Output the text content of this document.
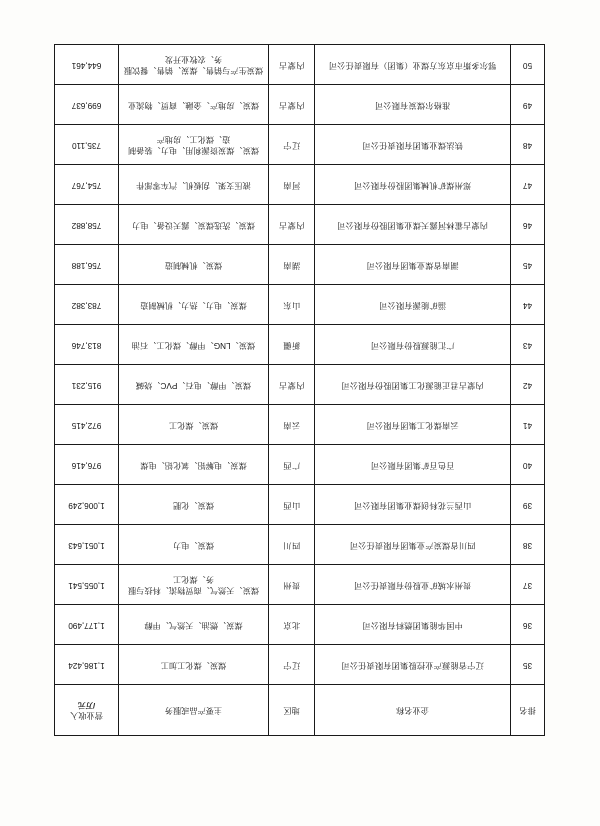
排名	企业名称	地区	主要产品或服务	营业收入
/万元

35	辽宁省能源产业控股集团有限责任公司	辽宁	煤炭、煤化工加工	1,186,424
36	中国华能集团燃料有限公司	北京	煤炭、燃油、天然气、甲醇	1,177,490
37	贵州水城矿业股份有限责任公司	贵州	煤炭、天然气、商贸物流、科技与服务、煤化工	1,055,541
38	四川省煤炭产业集团有限责任公司	四川	煤炭、电力	1,051,643
39	山西兰花科创煤业集团有限公司	山西	煤炭、化肥	1,006,249
40	百色百矿集团有限公司	广西	煤炭、电解铝、氧化铝、电煤	976,416
41	云南煤化工集团有限公司	云南	煤炭、煤化工	972,415
42	内蒙古君正能源化工集团股份有限公司	内蒙古	煤炭、甲醇、电石、PVC、烧碱	915,231
43	广汇能源股份有限公司	新疆	煤炭、LNG、甲醇、煤化工、石油	813,746
44	淄矿能源有限公司	山东	煤炭、电力、热力、机械制造	783,382
45	湖南省煤业集团有限公司	湖南	煤炭、机械制造	756,188
46	内蒙古霍林河露天煤业集团股份有限公司	内蒙古	煤炭、洗选煤炭、露天设备、电力	758,882
47	郑州煤矿机械集团股份有限公司	河南	液压支架、刮板机、汽车零部件	754,767
48	铁法煤业集团有限责任公司	辽宁	煤炭、煤炭资源利用、电力、装备制造、煤化工、房地产	735,110
49	准格尔煤炭有限公司	内蒙古	煤炭、房地产、金融、商贸、物流业	699,637
50	鄂尔多斯市京东方煤业（集团）有限责任公司	内蒙古	煤炭生产与销售、煤炭、销售、餐饮服务、农牧业开发	644,461
